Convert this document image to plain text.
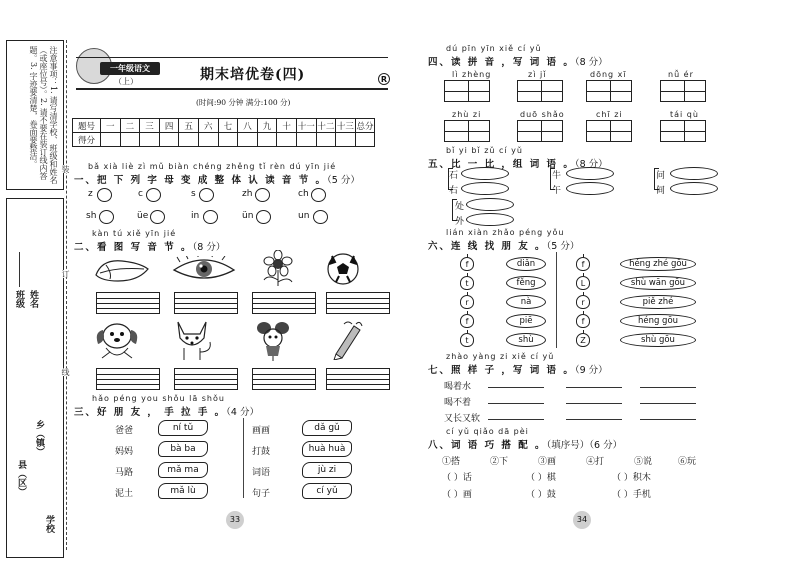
注意事项：1. 请写清学校、班级和姓名（或座位号）。2. 请不要在装订线内答题。3. 字迹要清楚，卷面要整洁。
班级 姓名
县（区）
乡（镇）
学校
装
订
线
一年级语文
（上）	期末培优卷(四)	R
(时间:90 分钟 满分:100 分)
题号	一	二	三	四	五	六	七	八	九	十	十一	十二	十三	总分
得分														
bǎ xià liè zì mǔ biàn chéng zhěng tǐ rèn dú yīn jié
一、把 下 列 字 母 变 成 整 体 认 读 音 节 。（5 分）
z	c	s	zh	ch
sh	üe	in	ün	un
kàn tú xiě yīn jié
二、看 图 写 音 节 。（8 分）
hǎo péng you shǒu lā shǒu
三、好 朋 友 ， 手 拉 手 。（4 分）
爸爸	ní tǔ
妈妈	bà ba
马路	mǎ ma
泥土	mǎ lù
画画	dǎ gǔ
打鼓	huà huà
词语	jù zi
句子	cí yǔ
33
dú pīn yīn xiě cí yǔ
四、读 拼 音 ，写 词 语 。（8 分）
lì zhèng	zì jǐ	dōng xī	nǚ ér
zhù zi	duō shǎo	chī zi	tái qù
bǐ yi bǐ zǔ cí yǔ
五、比 一 比 ，组 词 语 。（8 分）
石
右
牛
午
问
间
处
外
lián xiàn zhǎo péng yǒu
六、连 线 找 朋 友 。（5 分）
f	diǎn
t	fěng
r	nà
f	piē
t	shù
f	héng zhé gōu
L	shù wān gōu
r	piě zhé
f	héng gōu
Z	shù gōu
zhào yàng zi xiě cí yǔ
七、照 样 子 ，写 词 语 。（9 分）
喝着水
喝不着
又长又软
cí yǔ qiǎo dā pèi
八、词 语 巧 搭 配 。（填序号）（6 分）
①搭	②下	③画	④打	⑤说	⑥玩
（ ）话	（ ）棋	（ ）积木
（ ）画	（ ）鼓	（ ）手机
34
